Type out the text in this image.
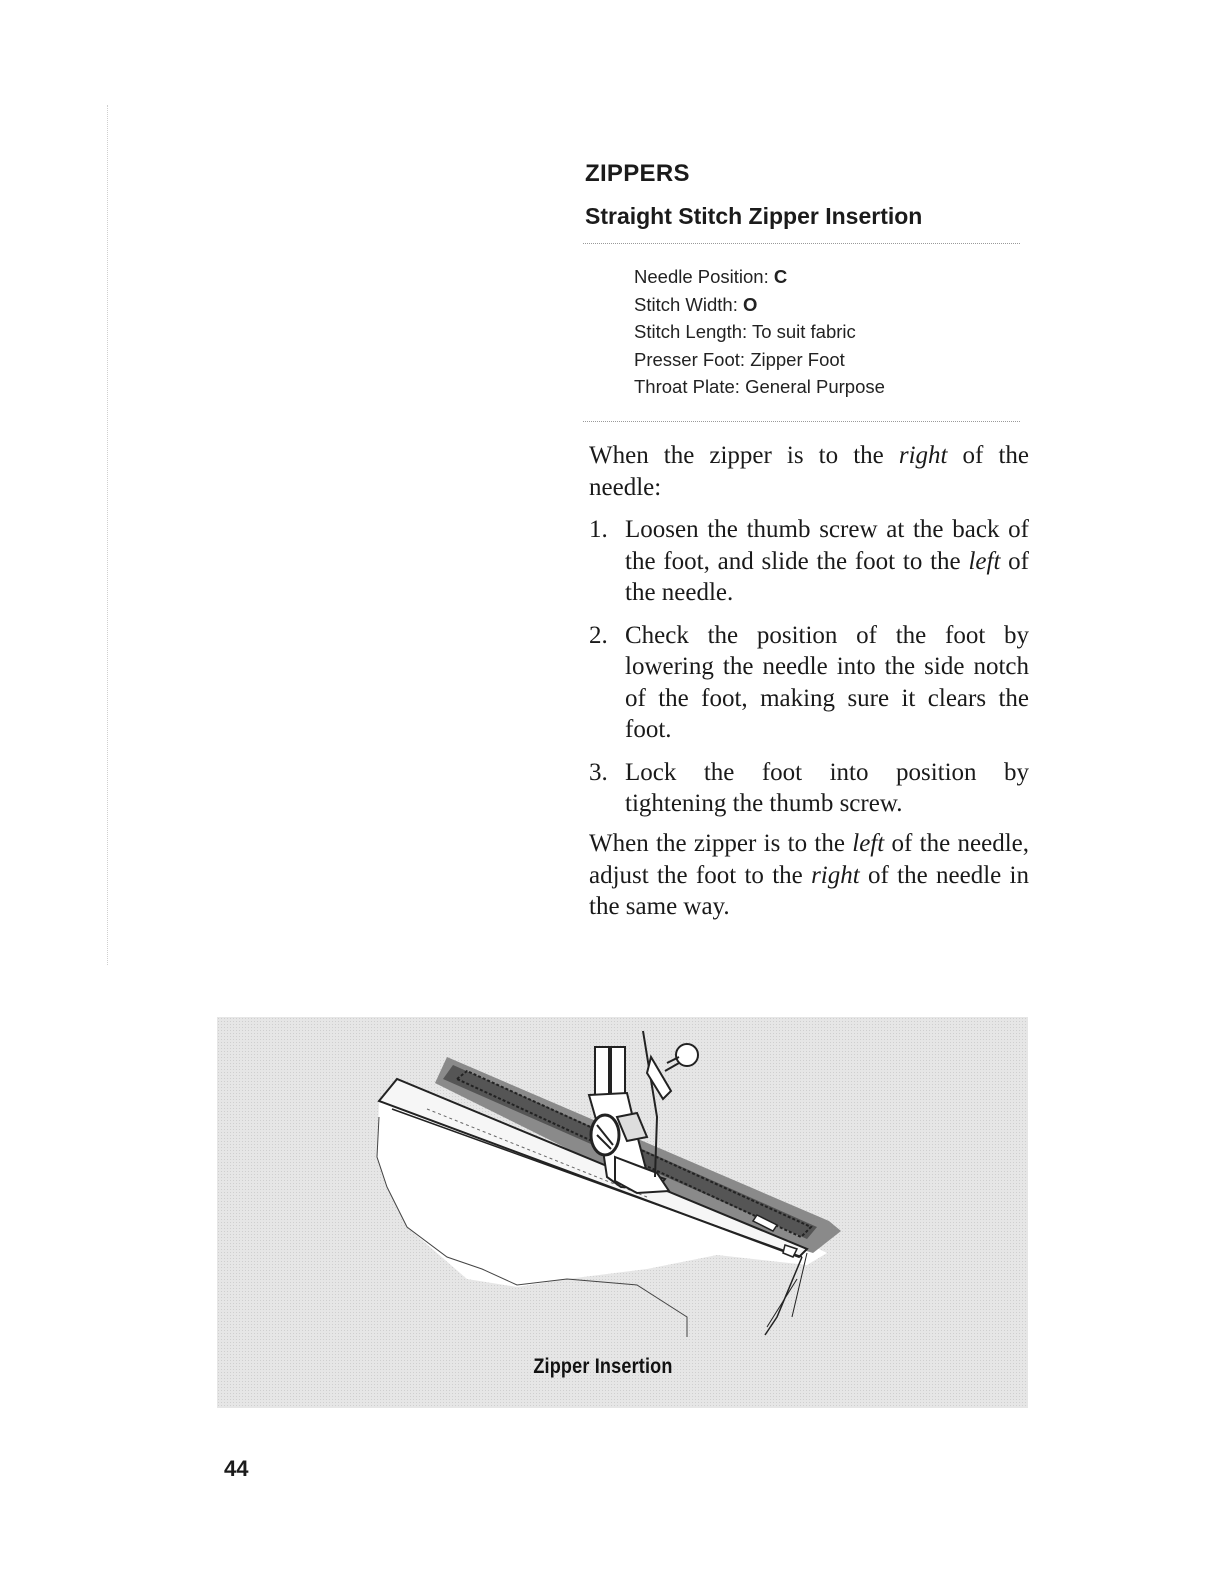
ZIPPERS
Straight Stitch Zipper Insertion
Needle Position: C
Stitch Width: O
Stitch Length: To suit fabric
Presser Foot: Zipper Foot
Throat Plate: General Purpose

When the zipper is to the right of the needle:

1. Loosen the thumb screw at the back of the foot, and slide the foot to the left of the needle.
2. Check the position of the foot by lowering the needle into the side notch of the foot, making sure it clears the foot.
3. Lock the foot into position by tightening the thumb screw.

When the zipper is to the left of the needle, adjust the foot to the right of the needle in the same way.

Zipper Insertion
44
